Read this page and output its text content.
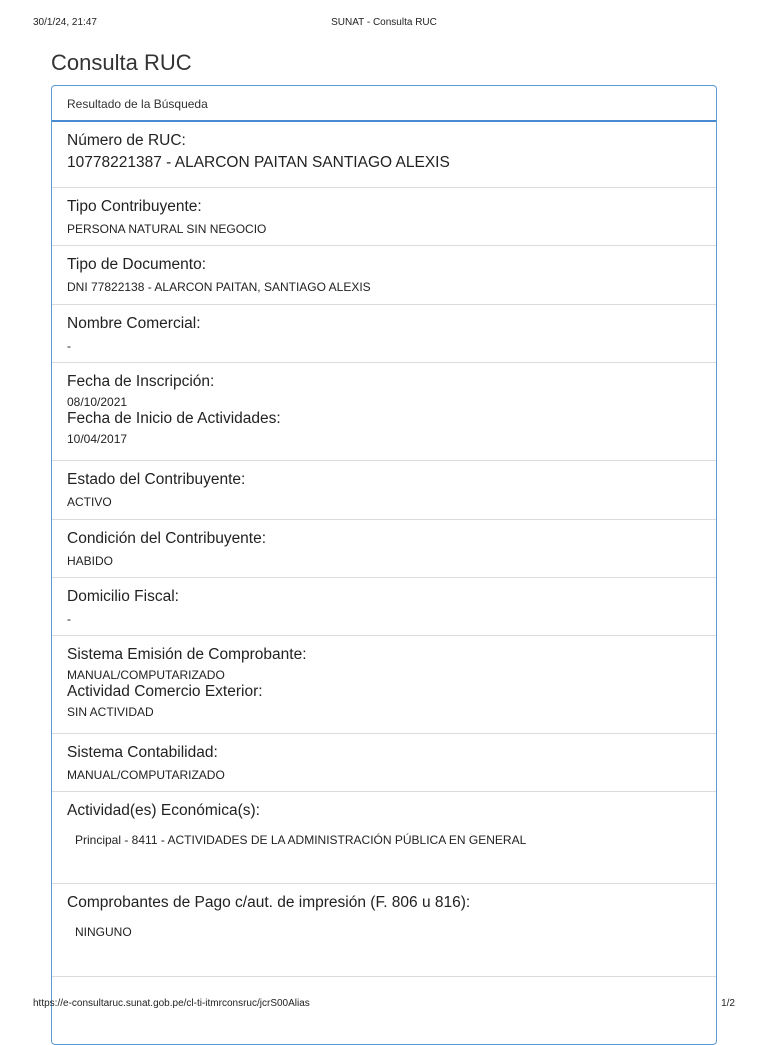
30/1/24, 21:47	SUNAT - Consulta RUC
Consulta RUC
Resultado de la Búsqueda
Número de RUC:
10778221387 - ALARCON PAITAN SANTIAGO ALEXIS
Tipo Contribuyente:
PERSONA NATURAL SIN NEGOCIO
Tipo de Documento:
DNI 77822138 - ALARCON PAITAN, SANTIAGO ALEXIS
Nombre Comercial:
-
Fecha de Inscripción:
08/10/2021
Fecha de Inicio de Actividades:
10/04/2017
Estado del Contribuyente:
ACTIVO
Condición del Contribuyente:
HABIDO
Domicilio Fiscal:
-
Sistema Emisión de Comprobante:
MANUAL/COMPUTARIZADO
Actividad Comercio Exterior:
SIN ACTIVIDAD
Sistema Contabilidad:
MANUAL/COMPUTARIZADO
Actividad(es) Económica(s):
Principal - 8411 - ACTIVIDADES DE LA ADMINISTRACIÓN PÚBLICA EN GENERAL
Comprobantes de Pago c/aut. de impresión (F. 806 u 816):
NINGUNO
https://e-consultaruc.sunat.gob.pe/cl-ti-itmrconsruc/jcrS00Alias	1/2
